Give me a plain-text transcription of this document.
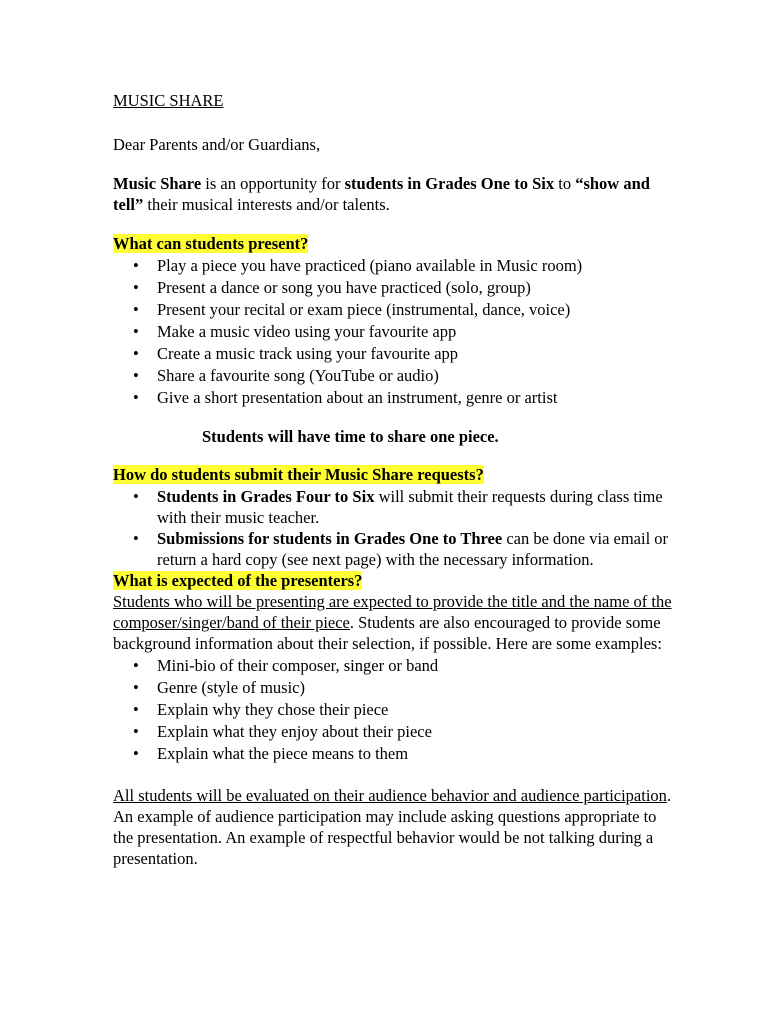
MUSIC SHARE
Dear Parents and/or Guardians,
Music Share is an opportunity for students in Grades One to Six to “show and tell” their musical interests and/or talents.
What can students present?
• Play a piece you have practiced (piano available in Music room)
• Present a dance or song you have practiced (solo, group)
• Present your recital or exam piece (instrumental, dance, voice)
• Make a music video using your favourite app
• Create a music track using your favourite app
• Share a favourite song (YouTube or audio)
• Give a short presentation about an instrument, genre or artist
Students will have time to share one piece.
How do students submit their Music Share requests?
• Students in Grades Four to Six will submit their requests during class time with their music teacher.
• Submissions for students in Grades One to Three can be done via email or return a hard copy (see next page) with the necessary information.
What is expected of the presenters?

Students who will be presenting are expected to provide the title and the name of the composer/singer/band of their piece. Students are also encouraged to provide some background information about their selection, if possible. Here are some examples:

• Mini-bio of their composer, singer or band
• Genre (style of music)
• Explain why they chose their piece
• Explain what they enjoy about their piece
• Explain what the piece means to them

All students will be evaluated on their audience behavior and audience participation. An example of audience participation may include asking questions appropriate to the presentation. An example of respectful behavior would be not talking during a presentation.
